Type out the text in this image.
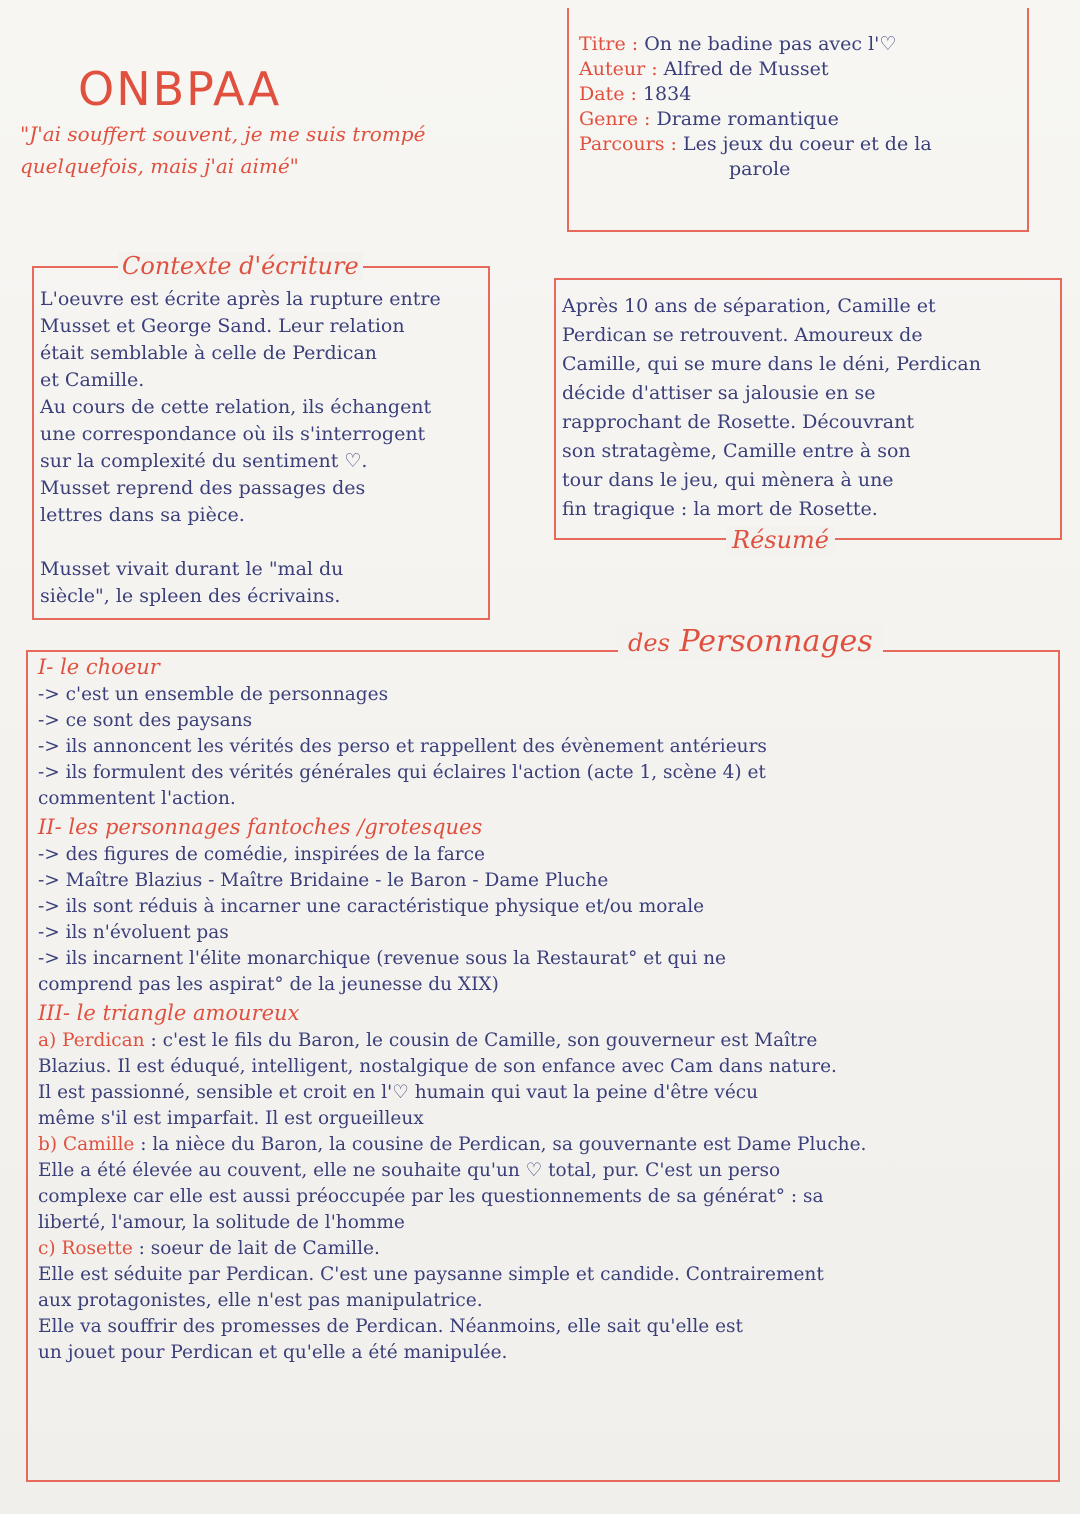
ONBPAA
"J'ai souffert souvent, je me suis trompé
quelquefois, mais j'ai aimé"
Titre : On ne badine pas avec l'♡
Auteur : Alfred de Musset
Date : 1834
Genre : Drame romantique
Parcours : Les jeux du coeur et de la
parole
Contexte d'écriture
L'oeuvre est écrite après la rupture entre
Musset et George Sand. Leur relation
était semblable à celle de Perdican
et Camille.
Au cours de cette relation, ils échangent
une correspondance où ils s'interrogent
sur la complexité du sentiment ♡.
Musset reprend des passages des
lettres dans sa pièce.

Musset vivait durant le "mal du
siècle", le spleen des écrivains.
Après 10 ans de séparation, Camille et
Perdican se retrouvent. Amoureux de
Camille, qui se mure dans le déni, Perdican
décide d'attiser sa jalousie en se
rapprochant de Rosette. Découvrant
son stratagème, Camille entre à son
tour dans le jeu, qui mènera à une
fin tragique : la mort de Rosette.
Résumé
des Personnages
I- le choeur
-> c'est un ensemble de personnages
-> ce sont des paysans
-> ils annoncent les vérités des perso et rappellent des évènement antérieurs
-> ils formulent des vérités générales qui éclaires l'action (acte 1, scène 4) et
commentent l'action.
II- les personnages fantoches /grotesques
-> des figures de comédie, inspirées de la farce
-> Maître Blazius - Maître Bridaine - le Baron - Dame Pluche
-> ils sont réduis à incarner une caractéristique physique et/ou morale
-> ils n'évoluent pas
-> ils incarnent l'élite monarchique (revenue sous la Restaurat° et qui ne
comprend pas les aspirat° de la jeunesse du XIX)
III- le triangle amoureux
a) Perdican : c'est le fils du Baron, le cousin de Camille, son gouverneur est Maître
Blazius. Il est éduqué, intelligent, nostalgique de son enfance avec Cam dans nature.
Il est passionné, sensible et croit en l'♡ humain qui vaut la peine d'être vécu
même s'il est imparfait. Il est orgueilleux
b) Camille : la nièce du Baron, la cousine de Perdican, sa gouvernante est Dame Pluche.
Elle a été élevée au couvent, elle ne souhaite qu'un ♡ total, pur. C'est un perso
complexe car elle est aussi préoccupée par les questionnements de sa générat° : sa
liberté, l'amour, la solitude de l'homme
c) Rosette : soeur de lait de Camille.
Elle est séduite par Perdican. C'est une paysanne simple et candide. Contrairement
aux protagonistes, elle n'est pas manipulatrice.
Elle va souffrir des promesses de Perdican. Néanmoins, elle sait qu'elle est
un jouet pour Perdican et qu'elle a été manipulée.
